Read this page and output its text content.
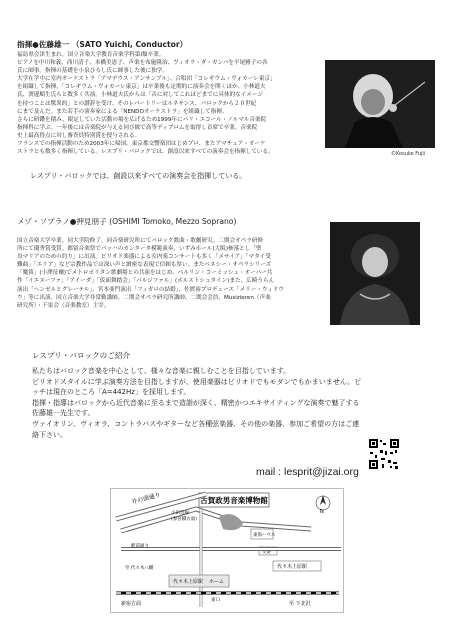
指揮●佐藤雄一 （SATO Yuichi, Conductor）
福島県会津生まれ。国立音楽大学教育音楽学科第Ⅰ類卒業。
ピアノを中川和義、西川清子、本橋美恵子、声楽を布施隆治、ヴィオラ・ダ・ガンバを平尾雅子の各
氏に師事。指揮の基礎を小泉ひろし氏に師事した後に独学。
大学在学中に室内オーケストラ「アマデウス・アンサンブル」、合唱団「コレギウム・ヴォカーレ東京」
を組織して指揮。「コレギウム・ヴォカーレ東京」は卒業後も定期的に演奏会を開くほか、小林道夫
氏、渡邊順生氏らと数多く共演。小林道夫氏からは「音に対してこれほどまでに具体的なイメージ
を持つことは驚異的」との讃辞を受け、そのレパートリーはルネサンス、バロックから２０世紀
にまで及んだ。また若手の演奏家による「NENDOオーケストラ」を組織して指揮。
さらに研鑽を積み、限定していた活動の場を広げるため1999年にパリ・エコール・ノルマル音楽院
指揮科に学ぶ。一年後には音楽院が与える同び級で高等ディプロムを取得し首席で卒業。音楽院
史上最高得点に対し審査員特別賞を授与される。
フランスでの指揮活動のため2003年に帰国。東京都交響楽団はじめプロ、またアマチュア・オーケ
ストラとも数多く指揮している。レスプリ・バロックでは、創設以来すべての演奏会を指揮している。
レスプリ・バロックでは、創設以来すべての演奏会を指揮している。
©Kosuke Fujii
メゾ・ソプラノ●押見朋子 (OSHIMI Tomoko, Mezzo Soprano)
国立音楽大学卒業。同大学院修了。同音楽研究所にてバロック歌曲・歌劇研究。二期会オペラ研修
所にて優秀賞受賞。都留音楽祭でバッハのカンタータ模範演奏、いずみホール(大阪)柿落とし「聖
母マリアのための約り」に出演。ピリオド楽器による室内楽コンサートも多く「メサイア」「マタイ受
難曲」「エリア」など宗教作品では深い声と緻密な表現で信頼も厚い。またベネシー・オペラシリーズ
「魔笛」(小澤征爾)でメトロポリタン歌劇場との共演をはじめ、ベルリン・コーミッシェ・オーパー共
作「イエヌーファ」「アイーダ」「仮面舞踏会」「パルジファル」(ホルストシュタイン)また、広崎うらん
演出「ヘンゼルとグレーテル」、宮本亜門演出「フィガロの結婚」、佐渡裕プロデュース「メリー・ウィドウ
ウ」等に出演。国立音楽大学非常勤講師、二期会オペラ研究所講師、二期会会員、Musizieren（声楽
研究所）・千果会（音楽教室）主宰。
レスプリ・バロックのご紹介
私たちはバロック音楽を中心として、様々な音楽に親しむことを目指しています。
ピリオドスタイルに学ぶ演奏方法を目指しますが、使用楽器はピリオドでもモダンでもかまいません。ピ
ッチは現在のところ「A=442Hz」を採用します。
指揮・指導はバロックから近代音楽に至るまで造詣が深く、精密かつエキサイティングな演奏で魅了する
佐藤雄一先生です。
ヴァイオリン、ヴィオラ、コントラバスやギターなど各種弦楽器、その他の楽器、参加ご希望の方はご連
絡下さい。
mail : lesprit@jizai.org
古賀政男音楽博物館
井の頭通り
小田急線
(参宮橋方面)
東海ハウス
交番
代々木上原駅
駅前通り
代々木上原駅 ホーム
新宿方面	至 下北沢
至 代々木八幡
東口
N
